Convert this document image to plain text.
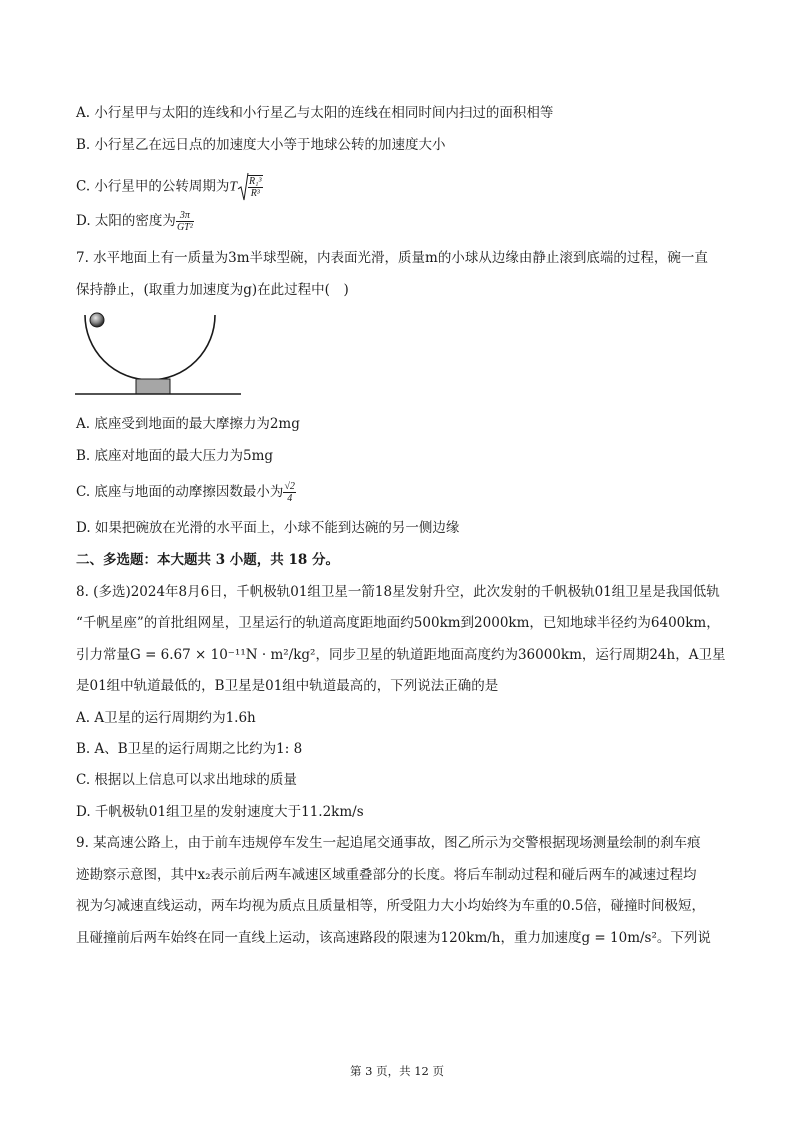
A. 小行星甲与太阳的连线和小行星乙与太阳的连线在相同时间内扫过的面积相等
B. 小行星乙在远日点的加速度大小等于地球公转的加速度大小
C. 小行星甲的公转周期为T $\frac{\text{R₁³}}{\text{R³}}$
D. 太阳的密度为 $\frac{3\pi}{\text{GT²}}$
7. 水平地面上有一质量为3m半球型碗，内表面光滑，质量m的小球从边缘由静止滚到底端的过程，碗一直
保持静止，(取重力加速度为g)在此过程中(　)
A. 底座受到地面的最大摩擦力为2mg
B. 底座对地面的最大压力为5mg
C. 底座与地面的动摩擦因数最小为 $\frac{√2}{4}$
D. 如果把碗放在光滑的水平面上，小球不能到达碗的另一侧边缘
二、多选题：本大题共 3 小题，共 18 分。
8. (多选)2024年8月6日，千帆极轨01组卫星一箭18星发射升空，此次发射的千帆极轨01组卫星是我国低轨
“千帆星座”的首批组网星，卫星运行的轨道高度距地面约500km到2000km，已知地球半径约为6400km，
引力常量G = 6.67 × 10⁻¹¹N · m²/kg²，同步卫星的轨道距地面高度约为36000km，运行周期24h，A卫星
是01组中轨道最低的，B卫星是01组中轨道最高的，下列说法正确的是
A. A卫星的运行周期约为1.6h
B. A、B卫星的运行周期之比约为1: 8
C. 根据以上信息可以求出地球的质量
D. 千帆极轨01组卫星的发射速度大于11.2km/s
9. 某高速公路上，由于前车违规停车发生一起追尾交通事故，图乙所示为交警根据现场测量绘制的刹车痕
迹勘察示意图，其中x₂表示前后两车减速区域重叠部分的长度。将后车制动过程和碰后两车的减速过程均
视为匀减速直线运动，两车均视为质点且质量相等，所受阻力大小均始终为车重的0.5倍，碰撞时间极短，
且碰撞前后两车始终在同一直线上运动，该高速路段的限速为120km/h，重力加速度g = 10m/s²。下列说
第 3 页，共 12 页
